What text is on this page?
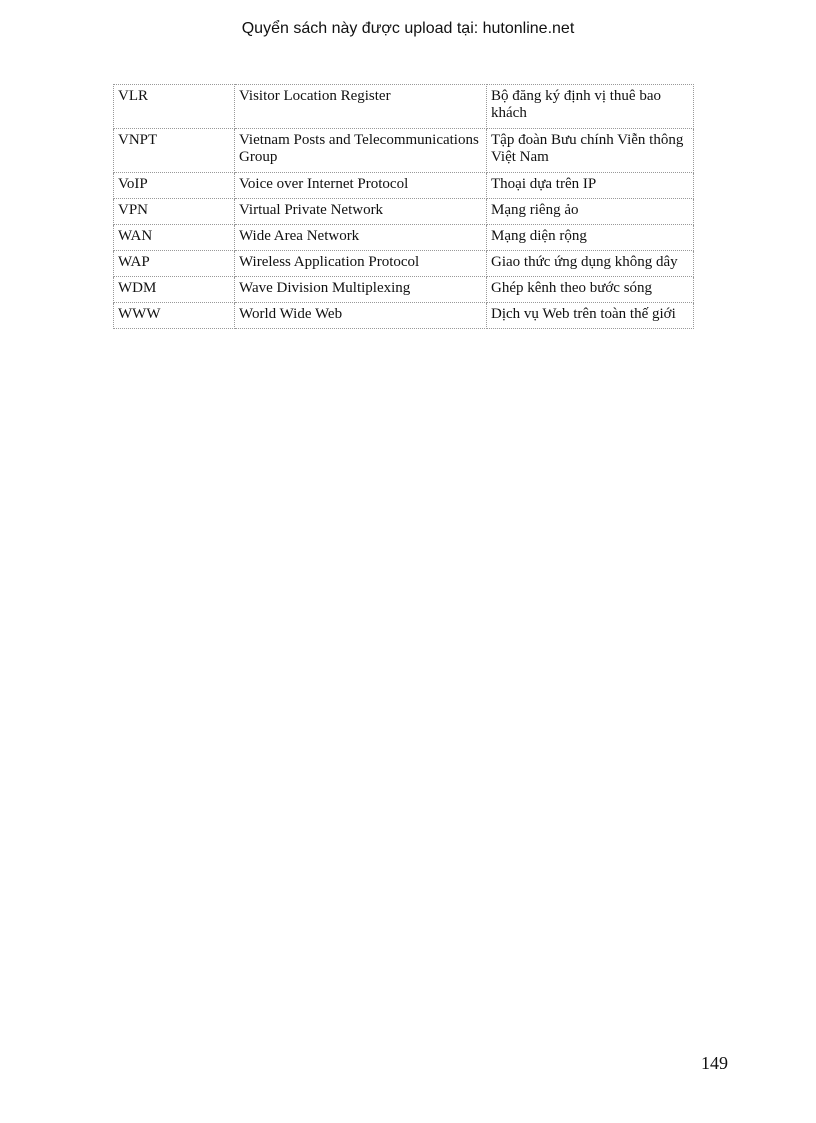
Quyển sách này được upload tại: hutonline.net
VLR	Visitor Location Register	Bộ đăng ký định vị thuê bao khách
VNPT	Vietnam Posts and Telecommunications Group	Tập đoàn Bưu chính Viễn thông Việt Nam
VoIP	Voice over Internet Protocol	Thoại dựa trên IP
VPN	Virtual Private Network	Mạng riêng ảo
WAN	Wide Area Network	Mạng diện rộng
WAP	Wireless Application Protocol	Giao thức ứng dụng không dây
WDM	Wave Division Multiplexing	Ghép kênh theo bước sóng
WWW	World Wide Web	Dịch vụ Web trên toàn thế giới
149
